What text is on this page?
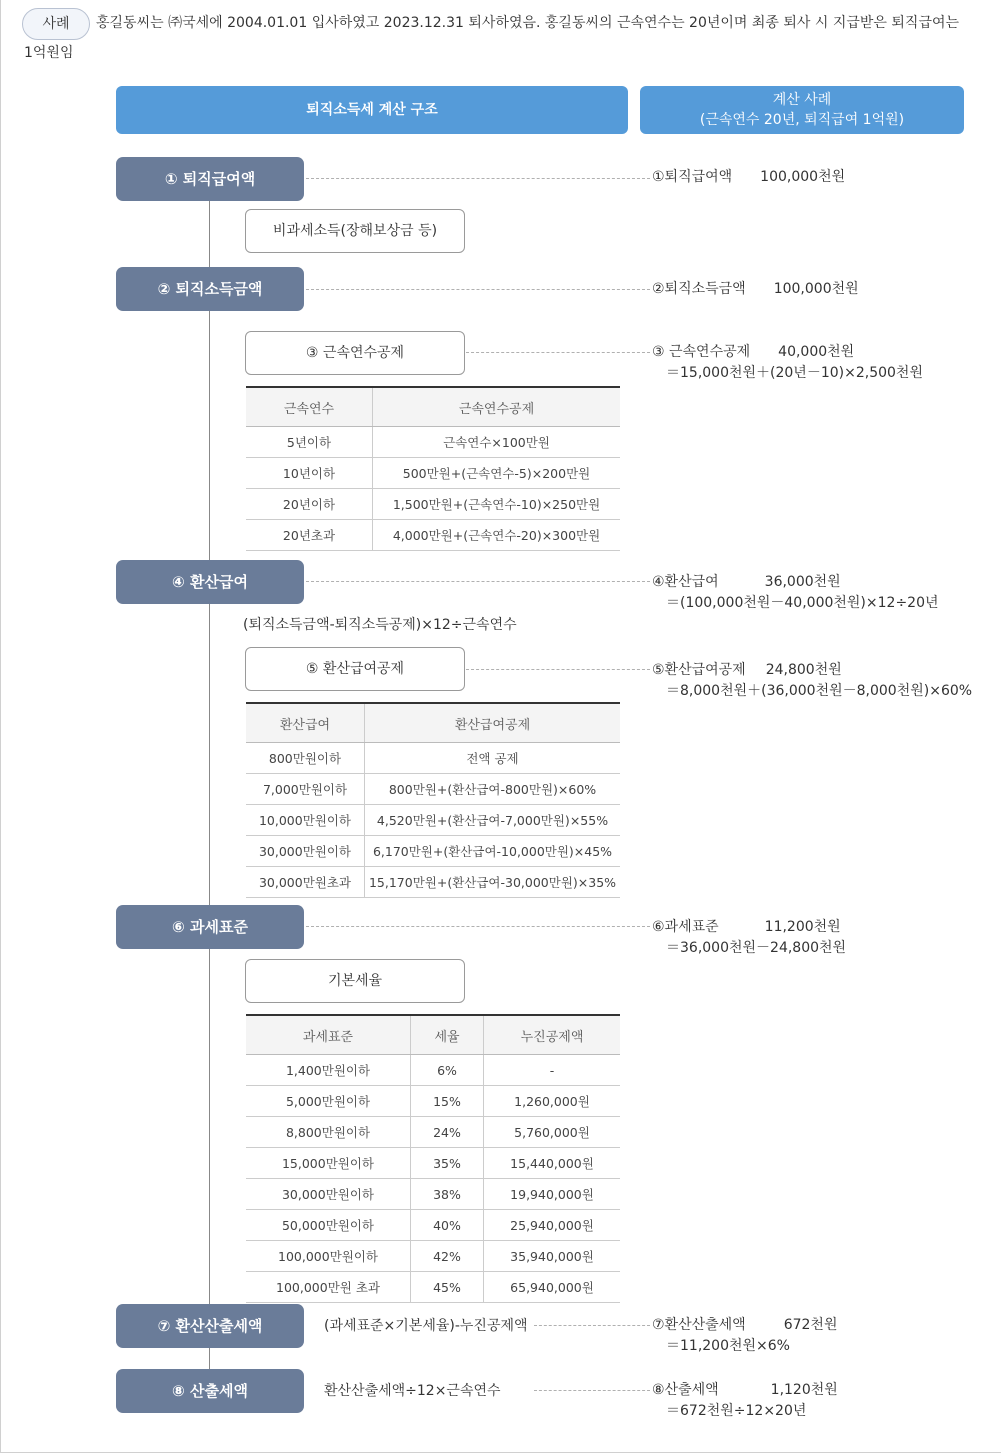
사례	홍길동씨는 ㈜국세에 2004.01.01 입사하였고 2023.12.31 퇴사하였음. 홍길동씨의 근속연수는 20년이며 최종 퇴사 시 지급받은 퇴직급여는
1억원임
퇴직소득세 계산 구조
계산 사례
(근속연수 20년, 퇴직급여 1억원)
① 퇴직급여액	①퇴직급여액 100,000천원
비과세소득(장해보상금 등)
② 퇴직소득금액	②퇴직소득금액 100,000천원
③ 근속연수공제	③ 근속연수공제 40,000천원
＝15,000천원＋(20년－10)×2,500천원
근속연수	근속연수공제
5년이하	근속연수×100만원
10년이하	500만원+(근속연수-5)×200만원
20년이하	1,500만원+(근속연수-10)×250만원
20년초과	4,000만원+(근속연수-20)×300만원
④ 환산급여	④환산급여	36,000천원
＝(100,000천원－40,000천원)×12÷20년
(퇴직소득금액-퇴직소득공제)×12÷근속연수
⑤ 환산급여공제	⑤환산급여공제 24,800천원
＝8,000천원＋(36,000천원－8,000천원)×60%
환산급여	환산급여공제
800만원이하	전액 공제
7,000만원이하	800만원+(환산급여-800만원)×60%
10,000만원이하	4,520만원+(환산급여-7,000만원)×55%
30,000만원이하	6,170만원+(환산급여-10,000만원)×45%
30,000만원초과	15,170만원+(환산급여-30,000만원)×35%
⑥ 과세표준	⑥과세표준	11,200천원
＝36,000천원－24,800천원
기본세율
과세표준	세율	누진공제액
1,400만원이하	6%	-
5,000만원이하	15%	1,260,000원
8,800만원이하	24%	5,760,000원
15,000만원이하	35%	15,440,000원
30,000만원이하	38%	19,940,000원
50,000만원이하	40%	25,940,000원
100,000만원이하	42%	35,940,000원
100,000만원 초과	45%	65,940,000원
⑦ 환산산출세액	(과세표준×기본세율)-누진공제액	⑦환산산출세액	672천원
＝11,200천원×6%
⑧ 산출세액	환산산출세액÷12×근속연수	⑧산출세액	1,120천원
＝672천원÷12×20년
